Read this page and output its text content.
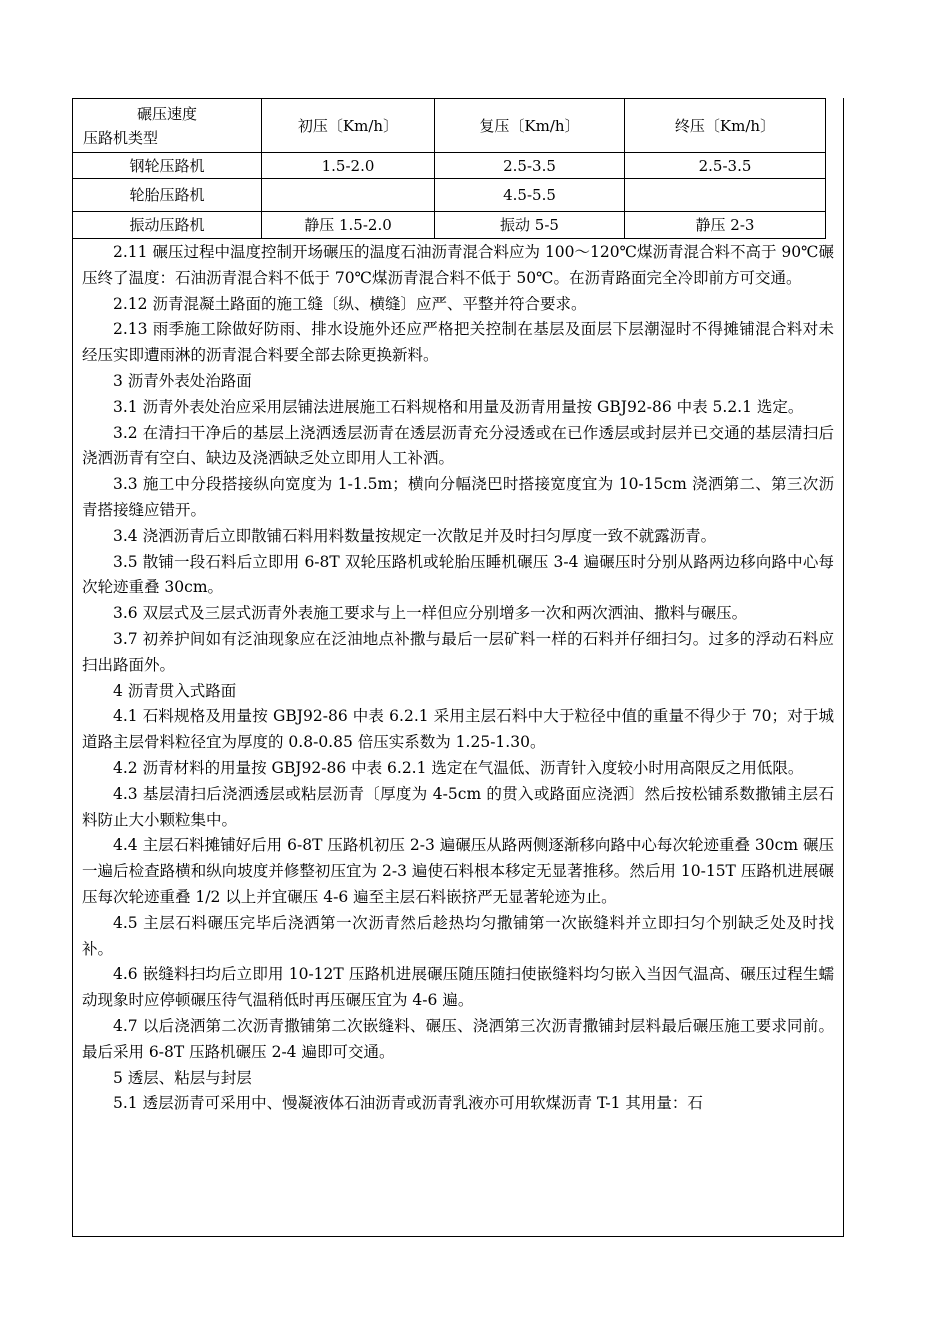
碾压速度
压路机类型	初压〔Km/h〕	复压〔Km/h〕	终压〔Km/h〕
钢轮压路机	1.5-2.0	2.5-3.5	2.5-3.5
轮胎压路机		4.5-5.5	
振动压路机	静压 1.5-2.0	振动 5-5	静压 2-3

2.11 碾压过程中温度控制开场碾压的温度石油沥青混合料应为 100～120℃煤沥青混合料不高于 90℃碾压终了温度：石油沥青混合料不低于 70℃煤沥青混合料不低于 50℃。在沥青路面完全冷即前方可交通。

2.12 沥青混凝土路面的施工缝〔纵、横缝〕应严、平整并符合要求。

2.13 雨季施工除做好防雨、排水设施外还应严格把关控制在基层及面层下层潮湿时不得摊铺混合料对未经压实即遭雨淋的沥青混合料要全部去除更换新料。

3 沥青外表处治路面

3.1 沥青外表处治应采用层铺法进展施工石料规格和用量及沥青用量按 GBJ92-86 中表 5.2.1 选定。

3.2 在清扫干净后的基层上浇洒透层沥青在透层沥青充分浸透或在已作透层或封层并已交通的基层清扫后浇洒沥青有空白、缺边及浇洒缺乏处立即用人工补洒。

3.3 施工中分段搭接纵向宽度为 1-1.5m；横向分幅浇巴时搭接宽度宜为 10-15cm 浇洒第二、第三次沥青搭接缝应错开。

3.4 浇洒沥青后立即散铺石料用料数量按规定一次散足并及时扫匀厚度一致不就露沥青。

3.5 散铺一段石料后立即用 6-8T 双轮压路机或轮胎压睡机碾压 3-4 遍碾压时分别从路两边移向路中心每次轮迹重叠 30cm。

3.6 双层式及三层式沥青外表施工要求与上一样但应分别增多一次和两次洒油、撒料与碾压。

3.7 初养护间如有泛油现象应在泛油地点补撒与最后一层矿料一样的石料并仔细扫匀。过多的浮动石料应扫出路面外。

4 沥青贯入式路面

4.1 石料规格及用量按 GBJ92-86 中表 6.2.1 采用主层石料中大于粒径中值的重量不得少于 70；对于城道路主层骨料粒径宜为厚度的 0.8-0.85 倍压实系数为 1.25-1.30。

4.2 沥青材料的用量按 GBJ92-86 中表 6.2.1 选定在气温低、沥青针入度较小时用高限反之用低限。

4.3 基层清扫后浇洒透层或粘层沥青〔厚度为 4-5cm 的贯入或路面应浇洒〕然后按松铺系数撒铺主层石料防止大小颗粒集中。

4.4 主层石料摊铺好后用 6-8T 压路机初压 2-3 遍碾压从路两侧逐渐移向路中心每次轮迹重叠 30cm 碾压一遍后检查路横和纵向坡度并修整初压宜为 2-3 遍使石料根本移定无显著推移。然后用 10-15T 压路机进展碾压每次轮迹重叠 1/2 以上并宜碾压 4-6 遍至主层石料嵌挤严无显著轮迹为止。

4.5 主层石料碾压完毕后浇洒第一次沥青然后趁热均匀撒铺第一次嵌缝料并立即扫匀个别缺乏处及时找补。

4.6 嵌缝料扫均后立即用 10-12T 压路机进展碾压随压随扫使嵌缝料均匀嵌入当因气温高、碾压过程生蠕动现象时应停顿碾压待气温稍低时再压碾压宜为 4-6 遍。

4.7 以后浇洒第二次沥青撒铺第二次嵌缝料、碾压、浇洒第三次沥青撒铺封层料最后碾压施工要求同前。最后采用 6-8T 压路机碾压 2-4 遍即可交通。

5 透层、粘层与封层

5.1 透层沥青可采用中、慢凝液体石油沥青或沥青乳液亦可用软煤沥青 T-1 其用量：石
